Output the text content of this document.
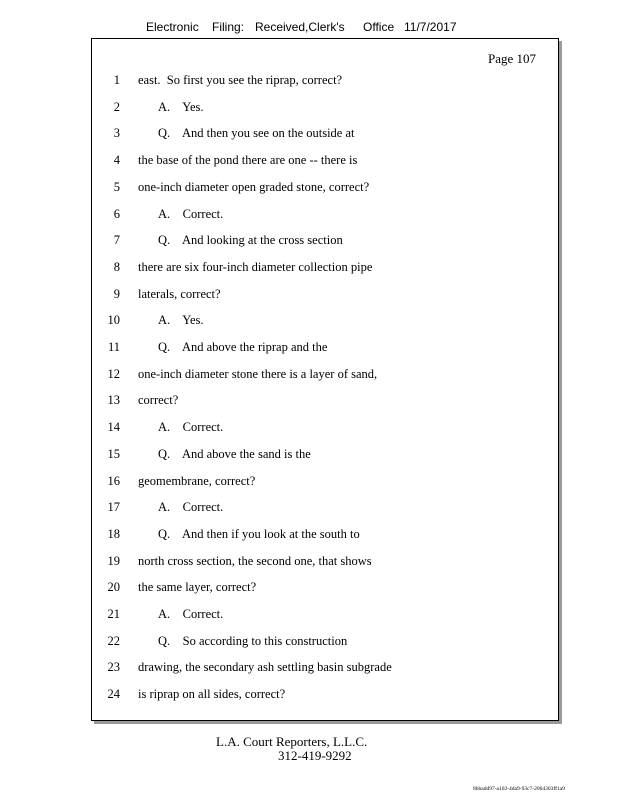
Electronic Filing: Received,Clerk's Office 11/7/2017
Page 107
1 east.  So first you see the riprap, correct?
2	A.    Yes.
3	Q.    And then you see on the outside at
4 the base of the pond there are one -- there is
5 one-inch diameter open graded stone, correct?
6	A.    Correct.
7	Q.    And looking at the cross section
8 there are six four-inch diameter collection pipe
9 laterals, correct?
10	A.    Yes.
11	Q.    And above the riprap and the
12 one-inch diameter stone there is a layer of sand,
13 correct?
14	A.    Correct.
15	Q.    And above the sand is the
16 geomembrane, correct?
17	A.    Correct.
18	Q.    And then if you look at the south to
19 north cross section, the second one, that shows
20 the same layer, correct?
21	A.    Correct.
22	Q.    So according to this construction
23 drawing, the secondary ash settling basin subgrade
24 is riprap on all sides, correct?
L.A. Court Reporters, L.L.C.
312-419-9292
8bbadd97-a102-4da9-93c7-2064303ff1a9
